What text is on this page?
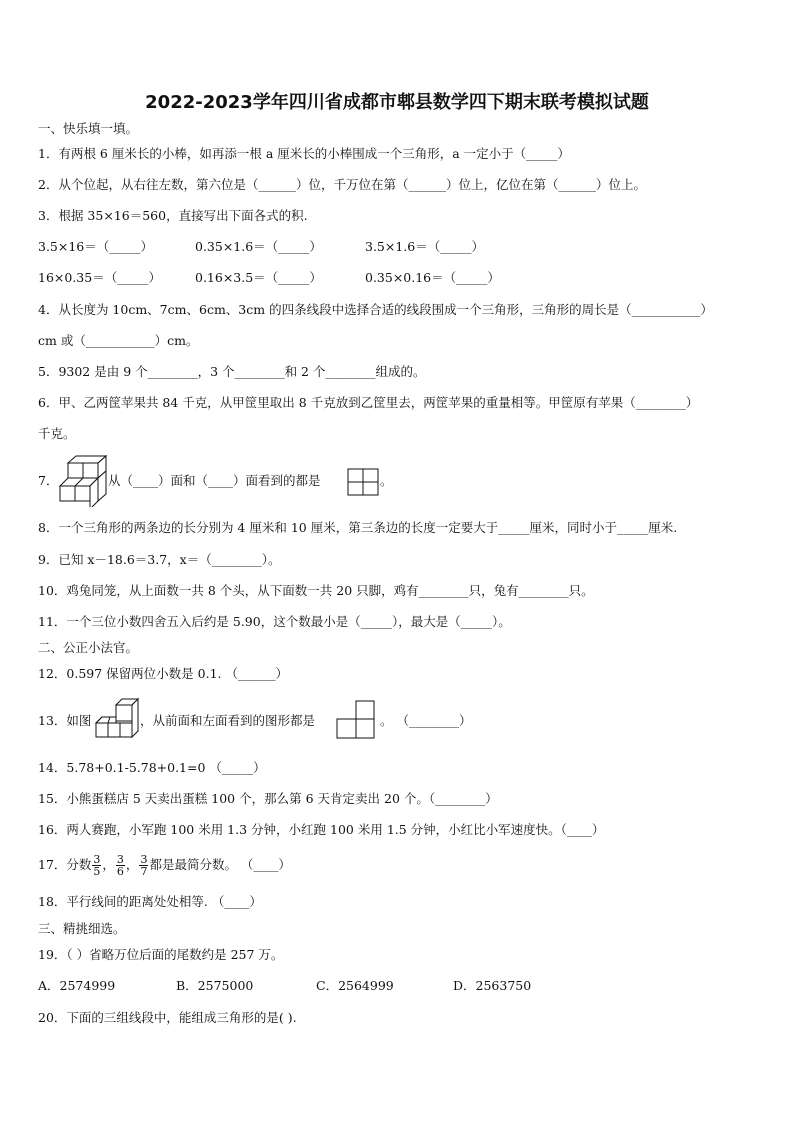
2022-2023学年四川省成都市郫县数学四下期末联考模拟试题
一、快乐填一填。
1．有两根 6 厘米长的小棒，如再添一根 a 厘米长的小棒围成一个三角形，a 一定小于（_____）
2．从个位起，从右往左数，第六位是（______）位，千万位在第（______）位上，亿位在第（______）位上。
3．根据 35×16＝560，直接写出下面各式的积.
3.5×16＝（_____）	0.35×1.6＝（_____）	3.5×1.6＝（_____）
16×0.35＝（_____）	0.16×3.5＝（_____）	0.35×0.16＝（_____）
4．从长度为 10cm、7cm、6cm、3cm 的四条线段中选择合适的线段围成一个三角形，三角形的周长是（___________）
cm 或（___________）cm。
5．9302 是由 9 个________，3 个________和 2 个________组成的。
6．甲、乙两筐苹果共 84 千克，从甲筐里取出 8 千克放到乙筐里去，两筐苹果的重量相等。甲筐原有苹果（________）
千克。
7．	从（____）面和（____）面看到的都是	。
8．一个三角形的两条边的长分别为 4 厘米和 10 厘米，第三条边的长度一定要大于_____厘米，同时小于_____厘米.
9．已知 x－18.6＝3.7，x＝（________）。
10．鸡兔同笼，从上面数一共 8 个头，从下面数一共 20 只脚，鸡有________只，兔有________只。
11．一个三位小数四舍五入后约是 5.90，这个数最小是（_____），最大是（_____）。
二、公正小法官。
12．0.597 保留两位小数是 0.1. （______）
13．如图	，从前面和左面看到的图形都是	。 （________）
14．5.78+0.1-5.78+0.1=0 （_____）
15．小熊蛋糕店 5 天卖出蛋糕 100 个，那么第 6 天肯定卖出 20 个。（________）
16．两人赛跑，小军跑 100 米用 1.3 分钟，小红跑 100 米用 1.5 分钟，小红比小军速度快。（____）
17．分数 $\frac{3}{5}$ ， $\frac{3}{6}$ ， $\frac{3}{7}$ 都是最简分数。 （____）
18．平行线间的距离处处相等. （____）
三、精挑细选。
19．（ ）省略万位后面的尾数约是 257 万。
A．2574999	B．2575000	C．2564999	D．2563750
20．下面的三组线段中，能组成三角形的是( ).
